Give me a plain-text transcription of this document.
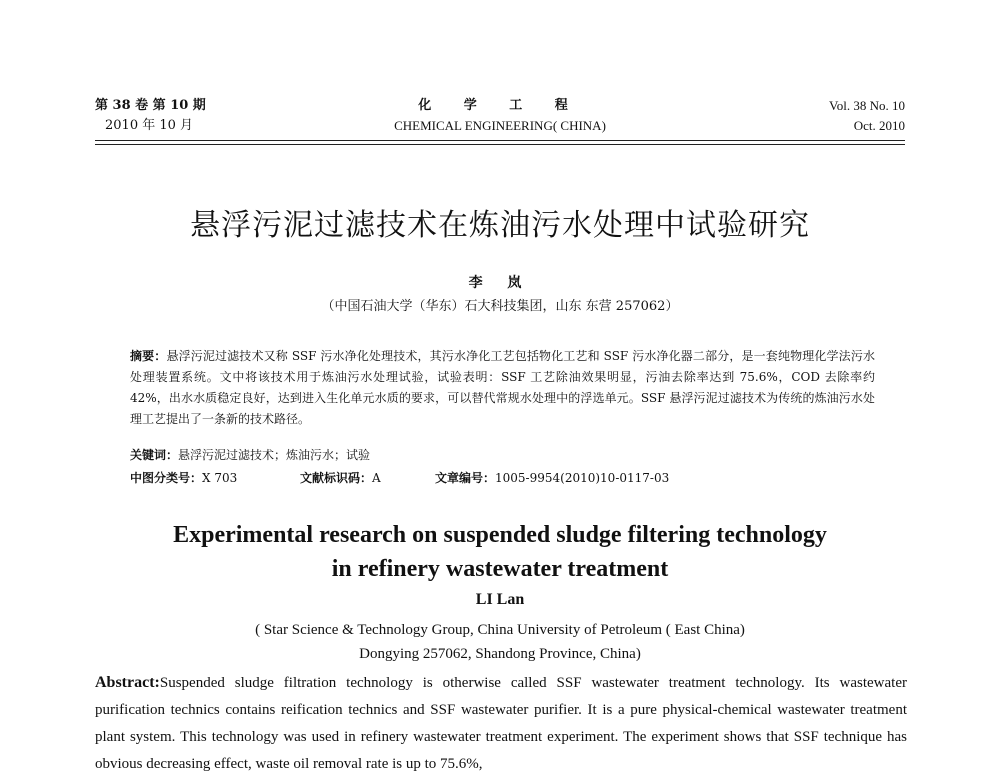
第 38 卷 第 10 期
2010 年 10 月
化 学 工 程
CHEMICAL ENGINEERING( CHINA)
Vol. 38 No. 10
Oct. 2010
悬浮污泥过滤技术在炼油污水处理中试验研究
李 岚
（中国石油大学（华东）石大科技集团，山东 东营 257062）
摘要：悬浮污泥过滤技术又称 SSF 污水净化处理技术，其污水净化工艺包括物化工艺和 SSF 污水净化器二部分，是一套纯物理化学法污水处理装置系统。文中将该技术用于炼油污水处理试验，试验表明：SSF 工艺除油效果明显，污油去除率达到 75.6%，COD 去除率约 42%，出水水质稳定良好，达到进入生化单元水质的要求，可以替代常规水处理中的浮选单元。SSF 悬浮污泥过滤技术为传统的炼油污水处理工艺提出了一条新的技术路径。
关键词：悬浮污泥过滤技术；炼油污水；试验
中图分类号：X 703	文献标识码：A	文章编号：1005-9954(2010)10-0117-03
Experimental research on suspended sludge filtering technology
in refinery wastewater treatment
LI Lan
( Star Science & Technology Group, China University of Petroleum ( East China)
Dongying 257062, Shandong Province, China)
Abstract:Suspended sludge filtration technology is otherwise called SSF wastewater treatment technology. Its wastewater purification technics contains reification technics and SSF wastewater purifier. It is a pure physical-chemical wastewater treatment plant system. This technology was used in refinery wastewater treatment experiment. The experiment shows that SSF technique has obvious decreasing effect, waste oil removal rate is up to 75.6%,
